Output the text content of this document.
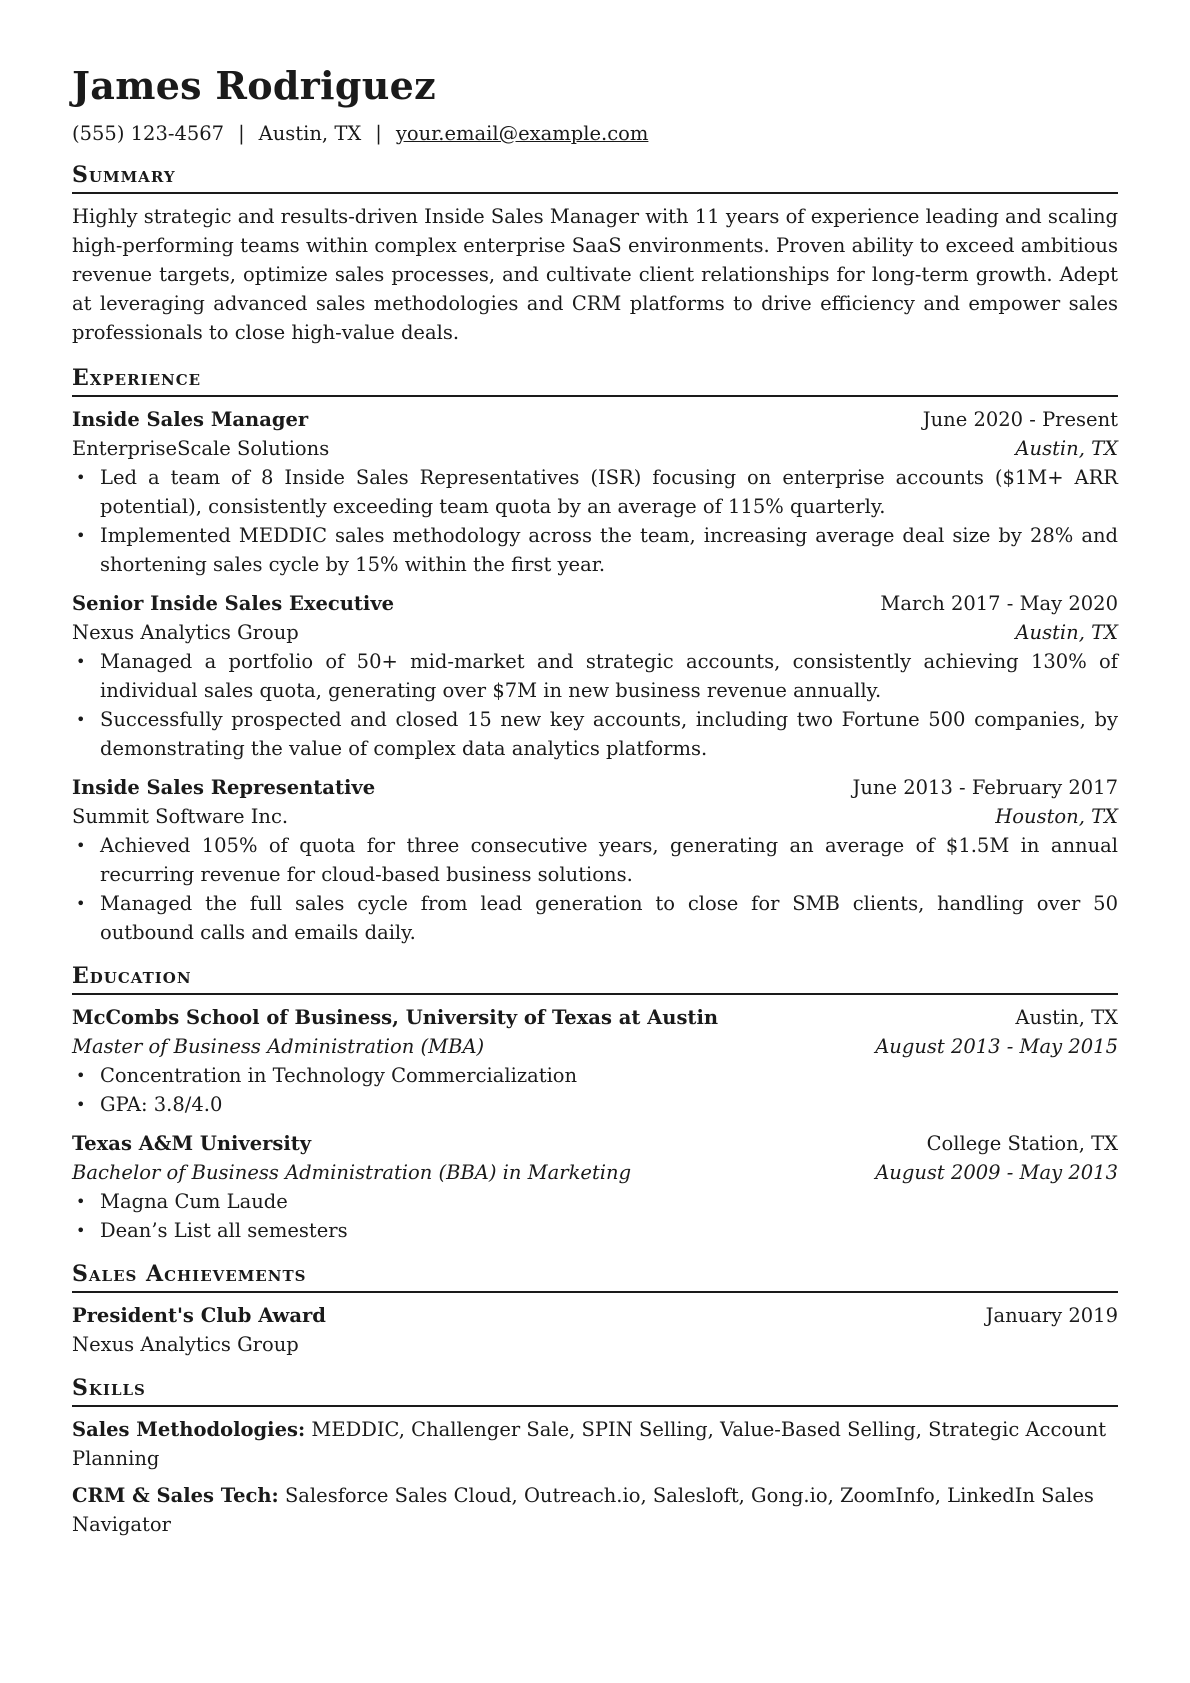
James Rodriguez
(555) 123-4567 | Austin, TX | your.email@example.com
Summary

Highly strategic and results-driven Inside Sales Manager with 11 years of experience leading and scaling high-performing teams within complex enterprise SaaS environments. Proven ability to exceed ambitious revenue targets, optimize sales processes, and cultivate client relationships for long-term growth. Adept at leveraging advanced sales methodologies and CRM platforms to drive efficiency and empower sales professionals to close high-value deals.

Experience
Inside Sales Manager	June 2020 - Present
EnterpriseScale Solutions	Austin, TX
• Led a team of 8 Inside Sales Representatives (ISR) focusing on enterprise accounts ($1M+ ARR potential), consistently exceeding team quota by an average of 115% quarterly.
• Implemented MEDDIC sales methodology across the team, increasing average deal size by 28% and shortening sales cycle by 15% within the first year.
Senior Inside Sales Executive	March 2017 - May 2020
Nexus Analytics Group	Austin, TX
• Managed a portfolio of 50+ mid-market and strategic accounts, consistently achieving 130% of individual sales quota, generating over $7M in new business revenue annually.
• Successfully prospected and closed 15 new key accounts, including two Fortune 500 companies, by demonstrating the value of complex data analytics platforms.
Inside Sales Representative	June 2013 - February 2017
Summit Software Inc.	Houston, TX
• Achieved 105% of quota for three consecutive years, generating an average of $1.5M in annual recurring revenue for cloud-based business solutions.
• Managed the full sales cycle from lead generation to close for SMB clients, handling over 50 outbound calls and emails daily.
Education
McCombs School of Business, University of Texas at Austin	Austin, TX
Master of Business Administration (MBA)	August 2013 - May 2015
• Concentration in Technology Commercialization
• GPA: 3.8/4.0
Texas A&M University	College Station, TX
Bachelor of Business Administration (BBA) in Marketing	August 2009 - May 2013
• Magna Cum Laude
• Dean’s List all semesters
Sales Achievements
President's Club Award	January 2019
Nexus Analytics Group
Skills

Sales Methodologies: MEDDIC, Challenger Sale, SPIN Selling, Value-Based Selling, Strategic Account Planning

CRM & Sales Tech: Salesforce Sales Cloud, Outreach.io, Salesloft, Gong.io, ZoomInfo, LinkedIn Sales Navigator
